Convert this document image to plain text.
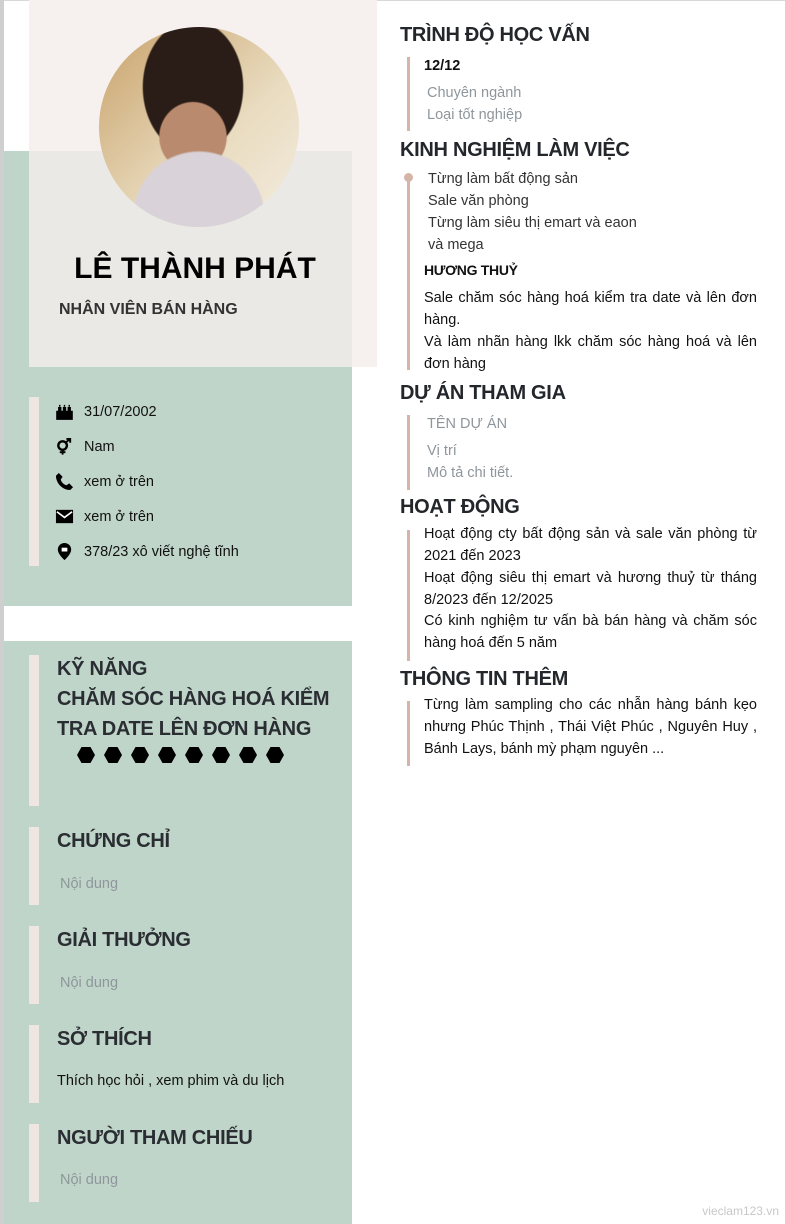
LÊ THÀNH PHÁT
NHÂN VIÊN BÁN HÀNG
31/07/2002
Nam
xem ở trên
xem ở trên
378/23 xô viết nghệ tĩnh
KỸ NĂNG
CHĂM SÓC HÀNG HOÁ KIỂM
TRA DATE LÊN ĐƠN HÀNG
CHỨNG CHỈ
Nội dung
GIẢI THƯỞNG
Nội dung
SỞ THÍCH
Thích học hỏi , xem phim và du lịch
NGƯỜI THAM CHIẾU
Nội dung
TRÌNH ĐỘ HỌC VẤN
12/12
Chuyên ngành
Loại tốt nghiệp
KINH NGHIỆM LÀM VIỆC
Từng làm bất động sản
Sale văn phòng
Từng làm siêu thị emart và eaon
và mega
HƯƠNG THUỶ
Sale chăm sóc hàng hoá kiểm tra date và lên đơn hàng.
Và làm nhãn hàng lkk chăm sóc hàng hoá và lên đơn hàng
DỰ ÁN THAM GIA
TÊN DỰ ÁN
Vị trí
Mô tả chi tiết.
HOẠT ĐỘNG
Hoạt động cty bất động sản và sale văn phòng từ 2021 đến 2023
Hoạt động siêu thị emart và hương thuỷ từ tháng 8/2023 đến 12/2025
Có kinh nghiệm tư vấn bà bán hàng và chăm sóc hàng hoá đến 5 năm
THÔNG TIN THÊM
Từng làm sampling cho các nhẫn hàng bánh kẹo nhưng Phúc Thịnh , Thái Việt Phúc , Nguyên Huy , Bánh Lays, bánh mỳ phạm nguyên ...
vieclam123.vn
